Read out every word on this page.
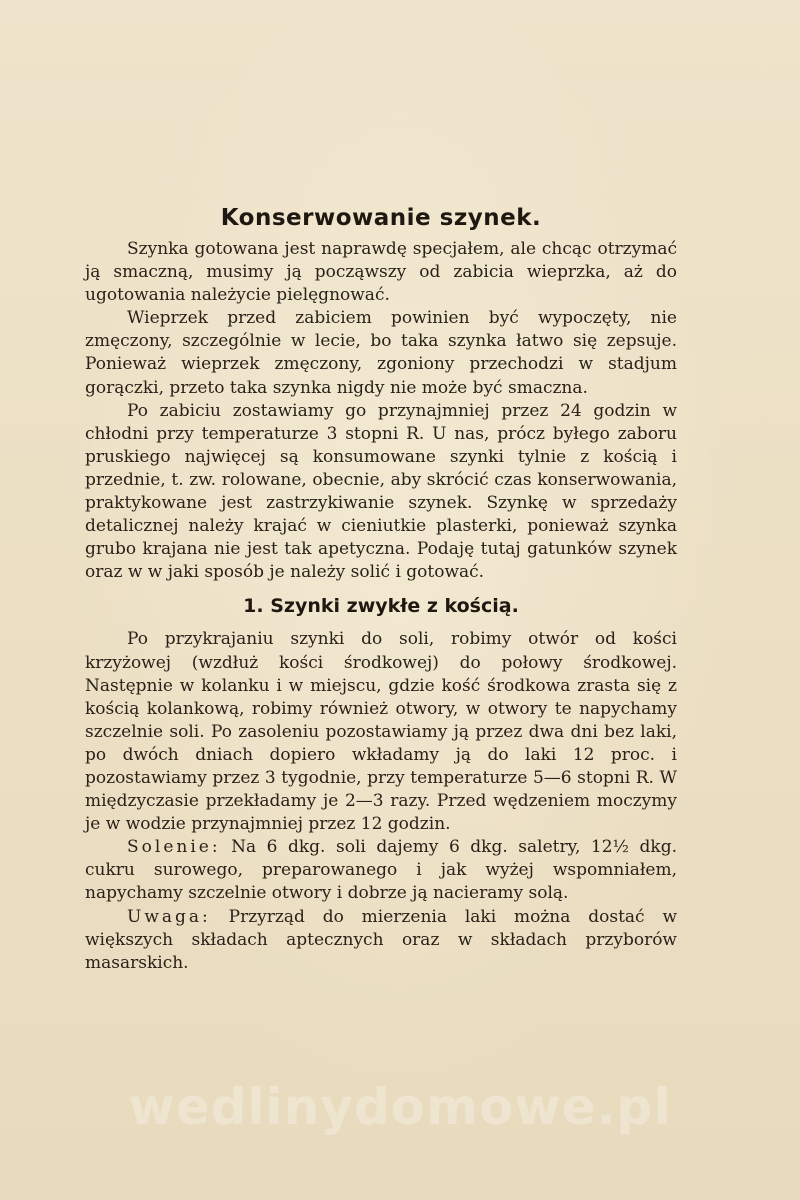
Konserwowanie szynek.

Szynka gotowana jest naprawdę specjałem, ale chcąc otrzymać ją smaczną, musimy ją począwszy od zabicia wieprzka, aż do ugotowania należycie pielęgnować.

Wieprzek przed zabiciem powinien być wypoczęty, nie zmęczony, szczególnie w lecie, bo taka szynka łatwo się zepsuje. Ponieważ wieprzek zmęczony, zgoniony przechodzi w stadjum gorączki, przeto taka szynka nigdy nie może być smaczna.

Po zabiciu zostawiamy go przynajmniej przez 24 godzin w chłodni przy temperaturze 3 stopni R. U nas, prócz byłego zaboru pruskiego najwięcej są konsumowane szynki tylnie z kością i przednie, t. zw. rolowane, obecnie, aby skrócić czas konserwowania, praktykowane jest zastrzykiwanie szynek. Szynkę w sprzedaży detalicznej należy krajać w cieniutkie plasterki, ponieważ szynka grubo krajana nie jest tak apetyczna. Podaję tutaj gatunków szynek oraz w w jaki sposób je należy solić i gotować.

1. Szynki zwykłe z kością.

Po przykrajaniu szynki do soli, robimy otwór od kości krzyżowej (wzdłuż kości środkowej) do połowy środkowej. Następnie w kolanku i w miejscu, gdzie kość środkowa zrasta się z kością kolankową, robimy również otwory, w otwory te napychamy szczelnie soli. Po zasoleniu pozostawiamy ją przez dwa dni bez laki, po dwóch dniach dopiero wkładamy ją do laki 12 proc. i pozostawiamy przez 3 tygodnie, przy temperaturze 5—6 stopni R. W międzyczasie przekładamy je 2—3 razy. Przed wędzeniem moczymy je w wodzie przynajmniej przez 12 godzin.

Solenie: Na 6 dkg. soli dajemy 6 dkg. saletry, 12½ dkg. cukru surowego, preparowanego i jak wyżej wspomniałem, napychamy szczelnie otwory i dobrze ją nacieramy solą.

Uwaga: Przyrząd do mierzenia laki można dostać w większych składach aptecznych oraz w składach przyborów masarskich.

wedlinydomowe.pl
